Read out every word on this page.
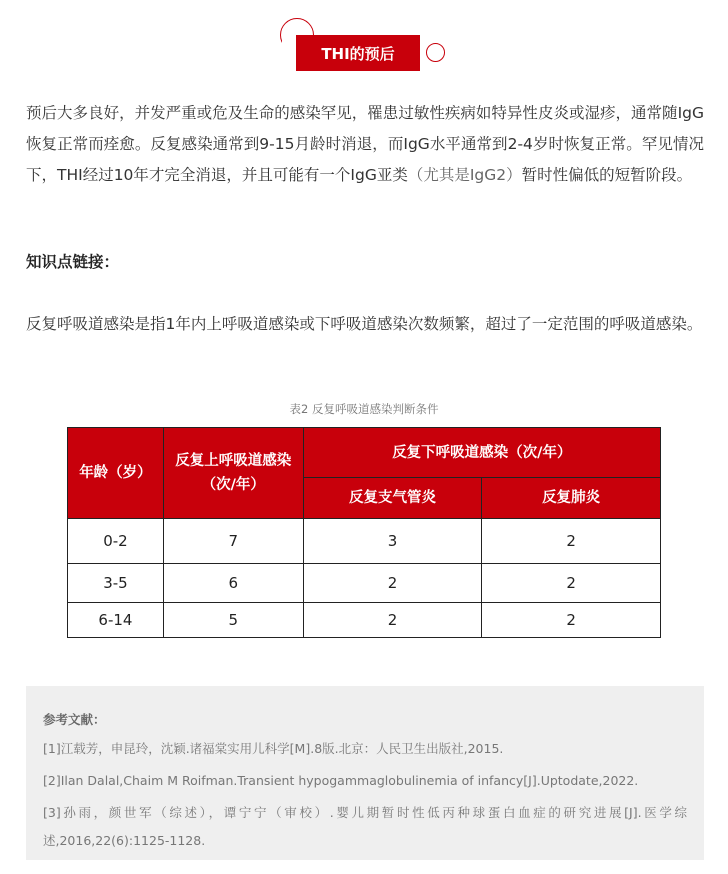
THI的预后
预后大多良好，并发严重或危及生命的感染罕见，罹患过敏性疾病如特异性皮炎或湿疹，通常随IgG恢复正常而痊愈。反复感染通常到9-15月龄时消退，而IgG水平通常到2-4岁时恢复正常。罕见情况下，THI经过10年才完全消退，并且可能有一个IgG亚类（尤其是IgG2）暂时性偏低的短暂阶段。
知识点链接：
反复呼吸道感染是指1年内上呼吸道感染或下呼吸道感染次数频繁，超过了一定范围的呼吸道感染。
表2 反复呼吸道感染判断条件
年龄（岁）	反复上呼吸道感染（次/年）	反复下呼吸道感染（次/年）	
		反复支气管炎	反复肺炎
0-2	7	3	2
3-5	6	2	2
6-14	5	2	2
参考文献：
[1]江载芳，申昆玲，沈颖.诸福棠实用儿科学[M].8版.北京：人民卫生出版社,2015.
[2]Ilan Dalal,Chaim M Roifman.Transient hypogammaglobulinemia of infancy[J].Uptodate,2022.
[3]孙雨，颜世军（综述），谭宁宁（审校）.婴儿期暂时性低丙种球蛋白血症的研究进展[J].医学综述,2016,22(6):1125-1128.
